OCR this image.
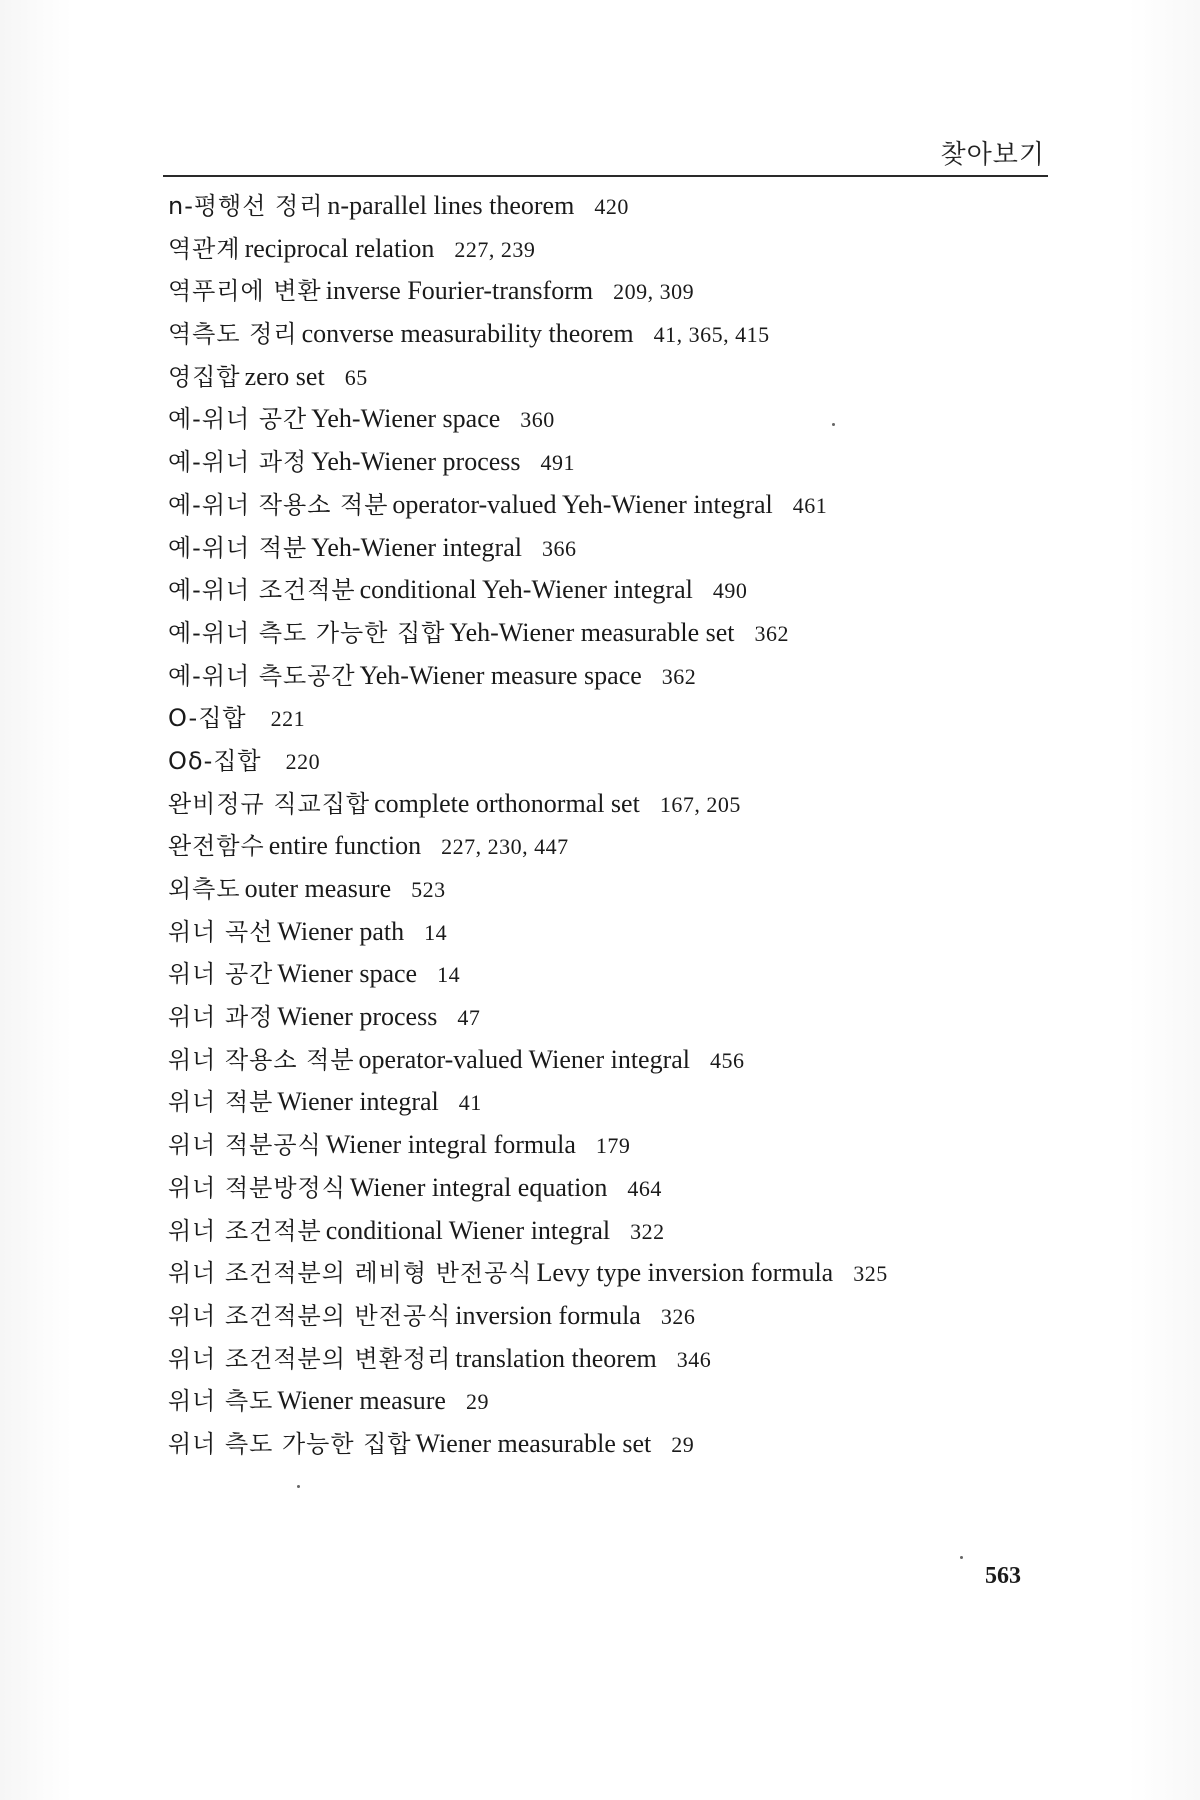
찾아보기
n-평행선 정리 n-parallel lines theorem 420
역관계 reciprocal relation 227, 239
역푸리에 변환 inverse Fourier-transform 209, 309
역측도 정리 converse measurability theorem 41, 365, 415
영집합 zero set 65
예-위너 공간 Yeh-Wiener space 360
예-위너 과정 Yeh-Wiener process 491
예-위너 작용소 적분 operator-valued Yeh-Wiener integral 461
예-위너 적분 Yeh-Wiener integral 366
예-위너 조건적분 conditional Yeh-Wiener integral 490
예-위너 측도 가능한 집합 Yeh-Wiener measurable set 362
예-위너 측도공간 Yeh-Wiener measure space 362
O-집합 221
Oδ-집합 220
완비정규 직교집합 complete orthonormal set 167, 205
완전함수 entire function 227, 230, 447
외측도 outer measure 523
위너 곡선 Wiener path 14
위너 공간 Wiener space 14
위너 과정 Wiener process 47
위너 작용소 적분 operator-valued Wiener integral 456
위너 적분 Wiener integral 41
위너 적분공식 Wiener integral formula 179
위너 적분방정식 Wiener integral equation 464
위너 조건적분 conditional Wiener integral 322
위너 조건적분의 레비형 반전공식 Levy type inversion formula 325
위너 조건적분의 반전공식 inversion formula 326
위너 조건적분의 변환정리 translation theorem 346
위너 측도 Wiener measure 29
위너 측도 가능한 집합 Wiener measurable set 29
563
